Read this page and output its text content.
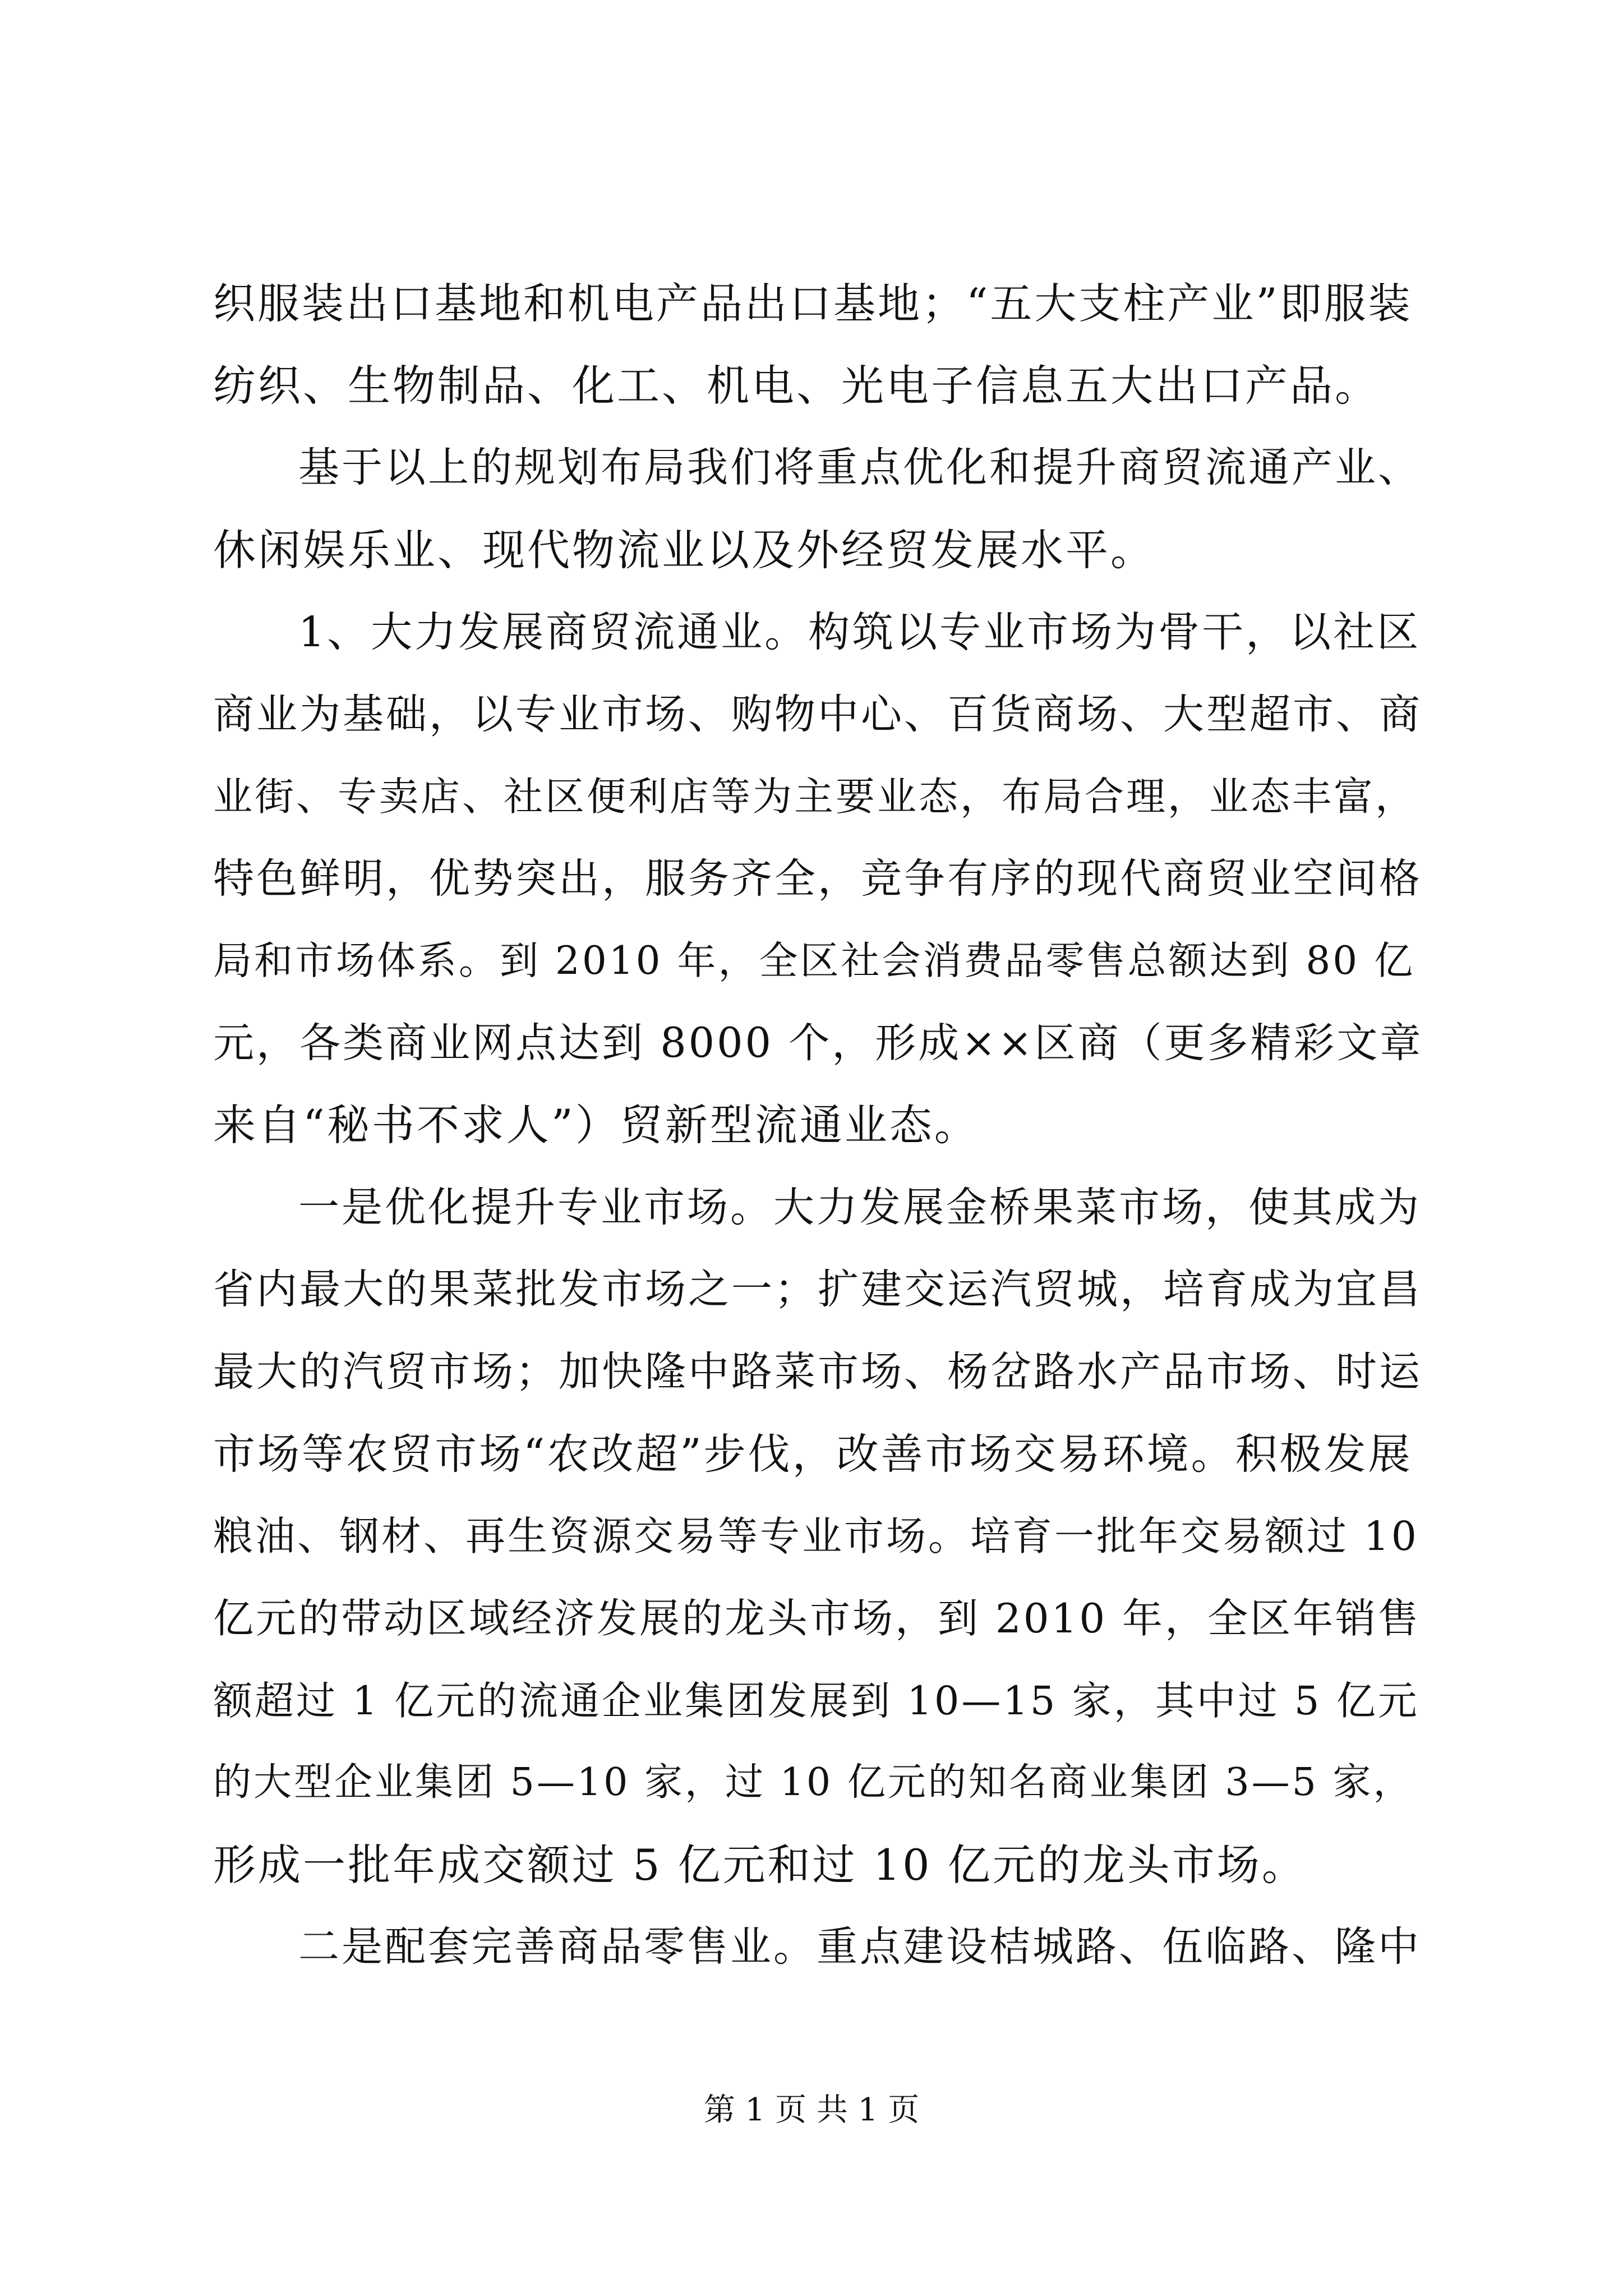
织服装出口基地和机电产品出口基地；“五大支柱产业”即服装
纺织、生物制品、化工、机电、光电子信息五大出口产品。
基于以上的规划布局我们将重点优化和提升商贸流通产业、
休闲娱乐业、现代物流业以及外经贸发展水平。
1、大力发展商贸流通业。构筑以专业市场为骨干，以社区
商业为基础，以专业市场、购物中心、百货商场、大型超市、商
业街、专卖店、社区便利店等为主要业态，布局合理，业态丰富，
特色鲜明，优势突出，服务齐全，竞争有序的现代商贸业空间格
局和市场体系。到 2010 年，全区社会消费品零售总额达到 80 亿
元，各类商业网点达到 8000 个，形成××区商（更多精彩文章
来自“秘书不求人”）贸新型流通业态。
一是优化提升专业市场。大力发展金桥果菜市场，使其成为
省内最大的果菜批发市场之一；扩建交运汽贸城，培育成为宜昌
最大的汽贸市场；加快隆中路菜市场、杨岔路水产品市场、时运
市场等农贸市场“农改超”步伐，改善市场交易环境。积极发展
粮油、钢材、再生资源交易等专业市场。培育一批年交易额过 10
亿元的带动区域经济发展的龙头市场，到 2010 年，全区年销售
额超过 1 亿元的流通企业集团发展到 10—15 家，其中过 5 亿元
的大型企业集团 5—10 家，过 10 亿元的知名商业集团 3—5 家，
形成一批年成交额过 5 亿元和过 10 亿元的龙头市场。
二是配套完善商品零售业。重点建设桔城路、伍临路、隆中
第 1 页 共 1 页
